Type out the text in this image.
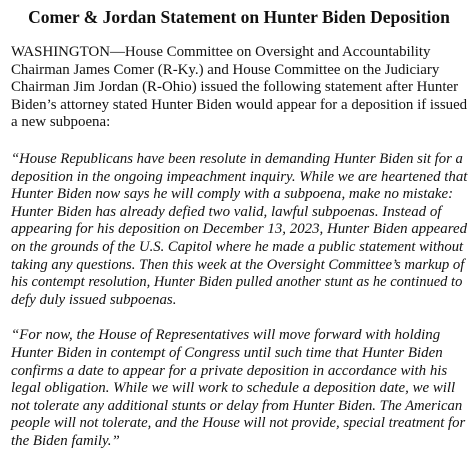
Comer & Jordan Statement on Hunter Biden Deposition

WASHINGTON—House Committee on Oversight and Accountability
Chairman James Comer (R-Ky.) and House Committee on the Judiciary
Chairman Jim Jordan (R-Ohio) issued the following statement after Hunter
Biden’s attorney stated Hunter Biden would appear for a deposition if issued
a new subpoena:

“House Republicans have been resolute in demanding Hunter Biden sit for a
deposition in the ongoing impeachment inquiry. While we are heartened that
Hunter Biden now says he will comply with a subpoena, make no mistake:
Hunter Biden has already defied two valid, lawful subpoenas. Instead of
appearing for his deposition on December 13, 2023, Hunter Biden appeared
on the grounds of the U.S. Capitol where he made a public statement without
taking any questions. Then this week at the Oversight Committee’s markup of
his contempt resolution, Hunter Biden pulled another stunt as he continued to
defy duly issued subpoenas.

“For now, the House of Representatives will move forward with holding
Hunter Biden in contempt of Congress until such time that Hunter Biden
confirms a date to appear for a private deposition in accordance with his
legal obligation. While we will work to schedule a deposition date, we will
not tolerate any additional stunts or delay from Hunter Biden. The American
people will not tolerate, and the House will not provide, special treatment for
the Biden family.”
